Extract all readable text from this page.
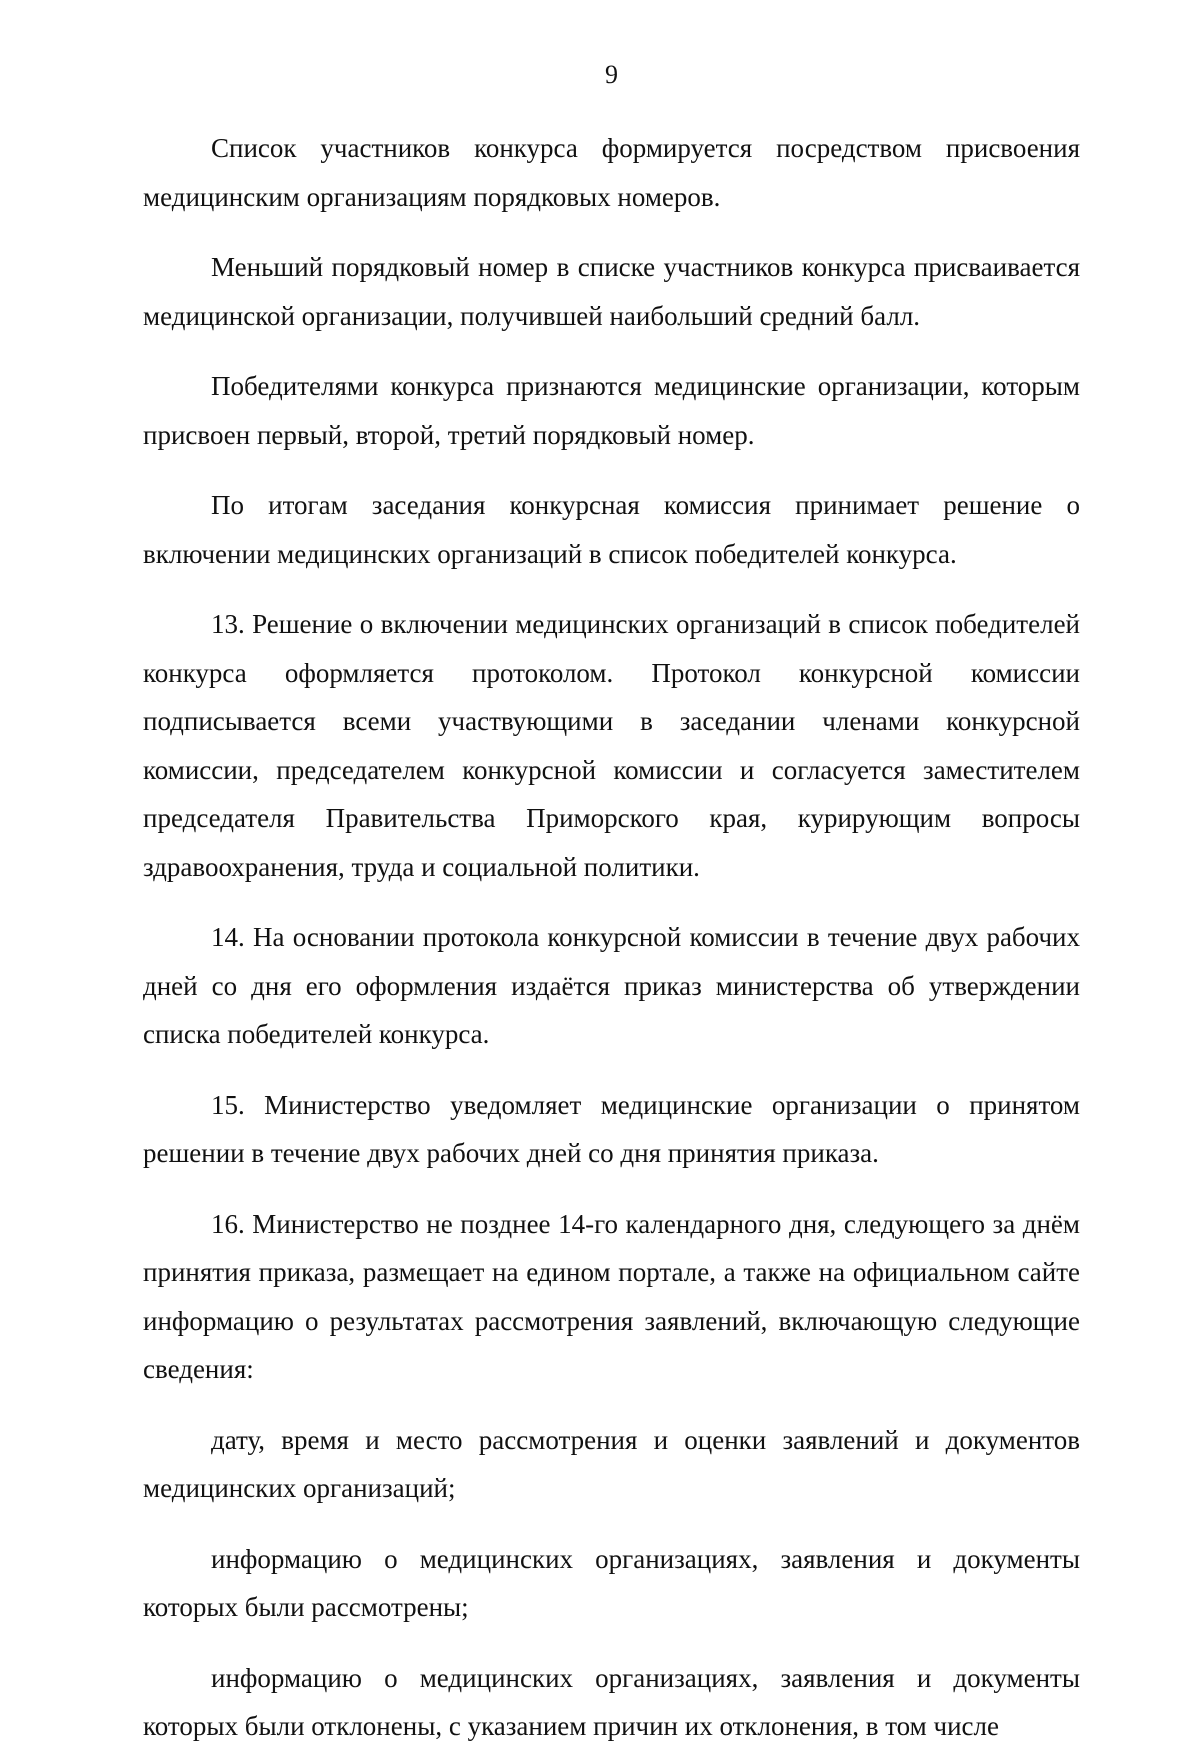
9

Список участников конкурса формируется посредством присвоения медицинским организациям порядковых номеров.

Меньший порядковый номер в списке участников конкурса присваивается медицинской организации, получившей наибольший средний балл.

Победителями конкурса признаются медицинские организации, которым присвоен первый, второй, третий порядковый номер.

По итогам заседания конкурсная комиссия принимает решение о включении медицинских организаций в список победителей конкурса.

13. Решение о включении медицинских организаций в список победителей конкурса оформляется протоколом. Протокол конкурсной комиссии подписывается всеми участвующими в заседании членами конкурсной комиссии, председателем конкурсной комиссии и согласуется заместителем председателя Правительства Приморского края, курирующим вопросы здравоохранения, труда и социальной политики.

14. На основании протокола конкурсной комиссии в течение двух рабочих дней со дня его оформления издаётся приказ министерства об утверждении списка победителей конкурса.

15. Министерство уведомляет медицинские организации о принятом решении в течение двух рабочих дней со дня принятия приказа.

16. Министерство не позднее 14-го календарного дня, следующего за днём принятия приказа, размещает на едином портале, а также на официальном сайте информацию о результатах рассмотрения заявлений, включающую следующие сведения:

дату, время и место рассмотрения и оценки заявлений и документов медицинских организаций;

информацию о медицинских организациях, заявления и документы которых были рассмотрены;

информацию о медицинских организациях, заявления и документы которых были отклонены, с указанием причин их отклонения, в том числе
